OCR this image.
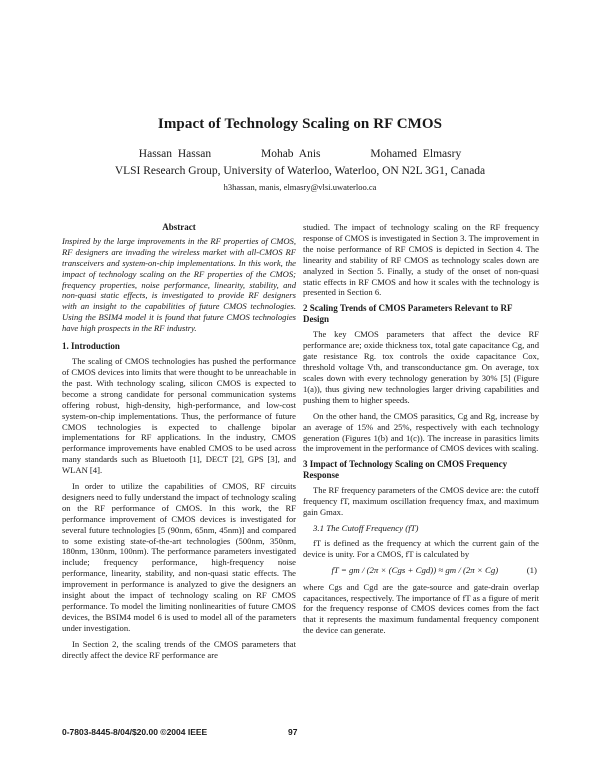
Impact of Technology Scaling on RF CMOS
Hassan Hassan	Mohab Anis	Mohamed Elmasry
VLSI Research Group, University of Waterloo, Waterloo, ON N2L 3G1, Canada
h3hassan, manis, elmasry@vlsi.uwaterloo.ca
Abstract

Inspired by the large improvements in the RF properties of CMOS, RF designers are invading the wireless market with all-CMOS RF transceivers and system-on-chip implementations. In this work, the impact of technology scaling on the RF properties of the CMOS; frequency properties, noise performance, linearity, stability, and non-quasi static effects, is investigated to provide RF designers with an insight to the capabilities of future CMOS technologies. Using the BSIM4 model it is found that future CMOS technologies have high prospects in the RF industry.

1. Introduction

The scaling of CMOS technologies has pushed the performance of CMOS devices into limits that were thought to be unreachable in the past. With technology scaling, silicon CMOS is expected to become a strong candidate for personal communication systems offering robust, high-density, high-performance, and low-cost system-on-chip implementations. Thus, the performance of future CMOS technologies is expected to challenge bipolar implementations for RF applications. In the industry, CMOS performance improvements have enabled CMOS to be used across many standards such as Bluetooth [1], DECT [2], GPS [3], and WLAN [4].

In order to utilize the capabilities of CMOS, RF circuits designers need to fully understand the impact of technology scaling on the RF performance of CMOS. In this work, the RF performance improvement of CMOS devices is investigated for several future technologies [5 (90nm, 65nm, 45nm)] and compared to some existing state-of-the-art technologies (500nm, 350nm, 180nm, 130nm, 100nm). The performance parameters investigated include; frequency performance, high-frequency noise performance, linearity, stability, and non-quasi static effects. The improvement in performance is analyzed to give the designers an insight about the impact of technology scaling on RF CMOS performance. To model the limiting nonlinearities of future CMOS devices, the BSIM4 model 6 is used to model all of the parameters under investigation.

In Section 2, the scaling trends of the CMOS parameters that directly affect the device RF performance are

studied. The impact of technology scaling on the RF frequency response of CMOS is investigated in Section 3. The improvement in the noise performance of RF CMOS is depicted in Section 4. The linearity and stability of RF CMOS as technology scales down are analyzed in Section 5. Finally, a study of the onset of non-quasi static effects in RF CMOS and how it scales with the technology is presented in Section 6.

2 Scaling Trends of CMOS Parameters Relevant to RF Design

The key CMOS parameters that affect the device RF performance are; oxide thickness tox, total gate capacitance Cg, and gate resistance Rg. tox controls the oxide capacitance Cox, threshold voltage Vth, and transconductance gm. On average, tox scales down with every technology generation by 30% [5] (Figure 1(a)), thus giving new technologies larger driving capabilities and pushing them to higher speeds.

On the other hand, the CMOS parasitics, Cg and Rg, increase by an average of 15% and 25%, respectively with each technology generation (Figures 1(b) and 1(c)). The increase in parasitics limits the improvement in the performance of CMOS devices with scaling.

3 Impact of Technology Scaling on CMOS Frequency Response

The RF frequency parameters of the CMOS device are: the cutoff frequency fT, maximum oscillation frequency fmax, and maximum gain Gmax.

3.1 The Cutoff Frequency (fT)

fT is defined as the frequency at which the current gain of the device is unity. For a CMOS, fT is calculated by

fT = gm / (2π × (Cgs + Cgd)) ≈ gm / (2π × Cg)	(1)

where Cgs and Cgd are the gate-source and gate-drain overlap capacitances, respectively. The importance of fT as a figure of merit for the frequency response of CMOS devices comes from the fact that it represents the maximum fundamental frequency component the device can generate.

0-7803-8445-8/04/$20.00 ©2004 IEEE	97
